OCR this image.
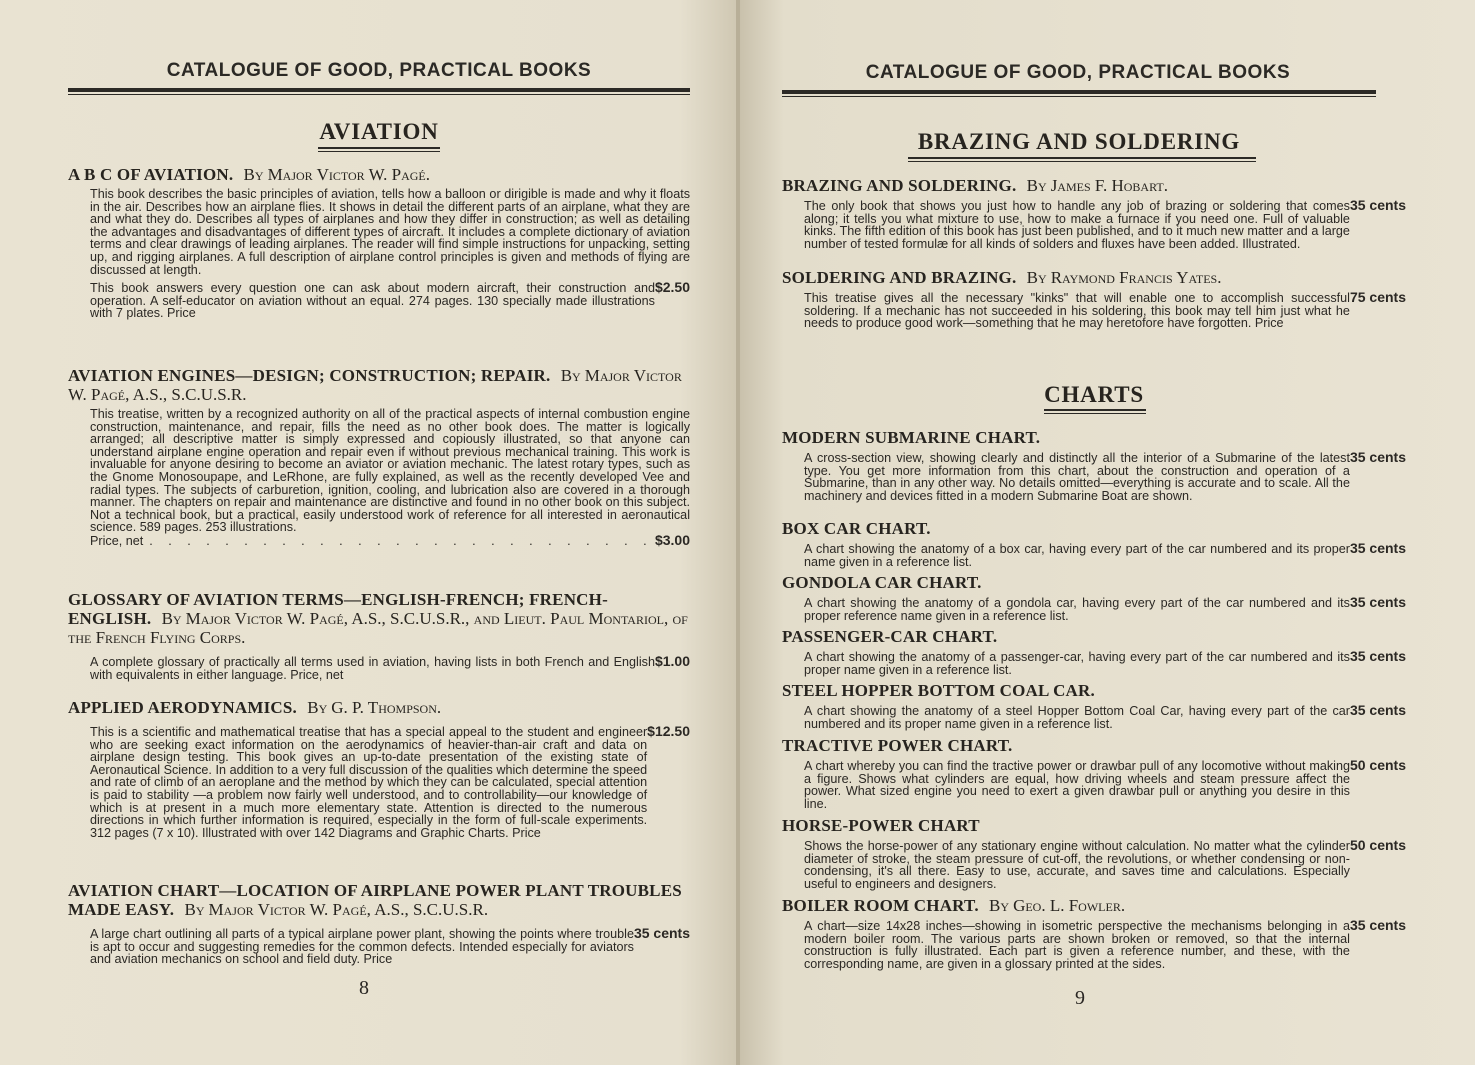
CATALOGUE OF GOOD, PRACTICAL BOOKS
AVIATION
A B C OF AVIATION. By Major Victor W. Pagé.

This book describes the basic principles of aviation, tells how a balloon or dirigible is made and why it floats in the air. Describes how an airplane flies. It shows in detail the different parts of an airplane, what they are and what they do. Describes all types of airplanes and how they differ in construction; as well as detailing the advantages and disadvantages of different types of aircraft. It includes a complete dictionary of aviation terms and clear drawings of leading airplanes. The reader will find simple instructions for unpacking, setting up, and rigging airplanes. A full description of airplane control principles is given and methods of flying are discussed at length.

This book answers every question one can ask about modern aircraft, their construction and operation. A self-educator on aviation without an equal. 274 pages. 130 specially made illustrations with 7 plates. Price
$2.50
AVIATION ENGINES—DESIGN; CONSTRUCTION; REPAIR. By Major Victor W. Pagé, A.S., S.C.U.S.R.

This treatise, written by a recognized authority on all of the practical aspects of internal combustion engine construction, maintenance, and repair, fills the need as no other book does. The matter is logically arranged; all descriptive matter is simply expressed and copiously illustrated, so that anyone can understand airplane engine operation and repair even if without previous mechanical training. This work is invaluable for anyone desiring to become an aviator or aviation mechanic. The latest rotary types, such as the Gnome Monosoupape, and LeRhone, are fully explained, as well as the recently developed Vee and radial types. The subjects of carburetion, ignition, cooling, and lubrication also are covered in a thorough manner. The chapters on repair and maintenance are distinctive and found in no other book on this subject. Not a technical book, but a practical, easily understood work of reference for all interested in aeronautical science. 589 pages. 253 illustrations.

Price, net
. . .	$3.00
GLOSSARY OF AVIATION TERMS—ENGLISH-FRENCH; FRENCH-ENGLISH. By Major Victor W. Pagé, A.S., S.C.U.S.R., and Lieut. Paul Montariol, of the French Flying Corps.
A complete glossary of practically all terms used in aviation, having lists in both French and English with equivalents in either language. Price, net
$1.00
APPLIED AERODYNAMICS. By G. P. Thompson.
This is a scientific and mathematical treatise that has a special appeal to the student and engineer who are seeking exact information on the aerodynamics of heavier-than-air craft and data on airplane design testing. This book gives an up-to-date presentation of the existing state of Aeronautical Science. In addition to a very full discussion of the qualities which determine the speed and rate of climb of an aeroplane and the method by which they can be calculated, special attention is paid to stability —a problem now fairly well understood, and to controllability—our knowledge of which is at present in a much more elementary state. Attention is directed to the numerous directions in which further information is required, especially in the form of full-scale experiments. 312 pages (7 x 10). Illustrated with over 142 Diagrams and Graphic Charts. Price
$12.50
AVIATION CHART—LOCATION OF AIRPLANE POWER PLANT TROUBLES MADE EASY. By Major Victor W. Pagé, A.S., S.C.U.S.R.
A large chart outlining all parts of a typical airplane power plant, showing the points where trouble is apt to occur and suggesting remedies for the common defects. Intended especially for aviators and aviation mechanics on school and field duty. Price
35 cents
8
CATALOGUE OF GOOD, PRACTICAL BOOKS
BRAZING AND SOLDERING
BRAZING AND SOLDERING. By James F. Hobart.
The only book that shows you just how to handle any job of brazing or soldering that comes along; it tells you what mixture to use, how to make a furnace if you need one. Full of valuable kinks. The fifth edition of this book has just been published, and to it much new matter and a large number of tested formulæ for all kinds of solders and fluxes have been added. Illustrated.
35 cents
SOLDERING AND BRAZING. By Raymond Francis Yates.
This treatise gives all the necessary "kinks" that will enable one to accomplish successful soldering. If a mechanic has not succeeded in his soldering, this book may tell him just what he needs to produce good work—something that he may heretofore have forgotten. Price
75 cents
CHARTS
MODERN SUBMARINE CHART.
A cross-section view, showing clearly and distinctly all the interior of a Submarine of the latest type. You get more information from this chart, about the construction and operation of a Submarine, than in any other way. No details omitted—everything is accurate and to scale. All the machinery and devices fitted in a modern Submarine Boat are shown.
35 cents
BOX CAR CHART.
A chart showing the anatomy of a box car, having every part of the car numbered and its proper name given in a reference list.
35 cents
GONDOLA CAR CHART.
A chart showing the anatomy of a gondola car, having every part of the car numbered and its proper reference name given in a reference list.
35 cents
PASSENGER-CAR CHART.
A chart showing the anatomy of a passenger-car, having every part of the car numbered and its proper name given in a reference list.
35 cents
STEEL HOPPER BOTTOM COAL CAR.
A chart showing the anatomy of a steel Hopper Bottom Coal Car, having every part of the car numbered and its proper name given in a reference list.
35 cents
TRACTIVE POWER CHART.
A chart whereby you can find the tractive power or drawbar pull of any locomotive without making a figure. Shows what cylinders are equal, how driving wheels and steam pressure affect the power. What sized engine you need to exert a given drawbar pull or anything you desire in this line.
50 cents
HORSE-POWER CHART
Shows the horse-power of any stationary engine without calculation. No matter what the cylinder diameter of stroke, the steam pressure of cut-off, the revolutions, or whether condensing or non-condensing, it's all there. Easy to use, accurate, and saves time and calculations. Especially useful to engineers and designers.
50 cents
BOILER ROOM CHART. By Geo. L. Fowler.
A chart—size 14x28 inches—showing in isometric perspective the mechanisms belonging in a modern boiler room. The various parts are shown broken or removed, so that the internal construction is fully illustrated. Each part is given a reference number, and these, with the corresponding name, are given in a glossary printed at the sides.
35 cents
9
